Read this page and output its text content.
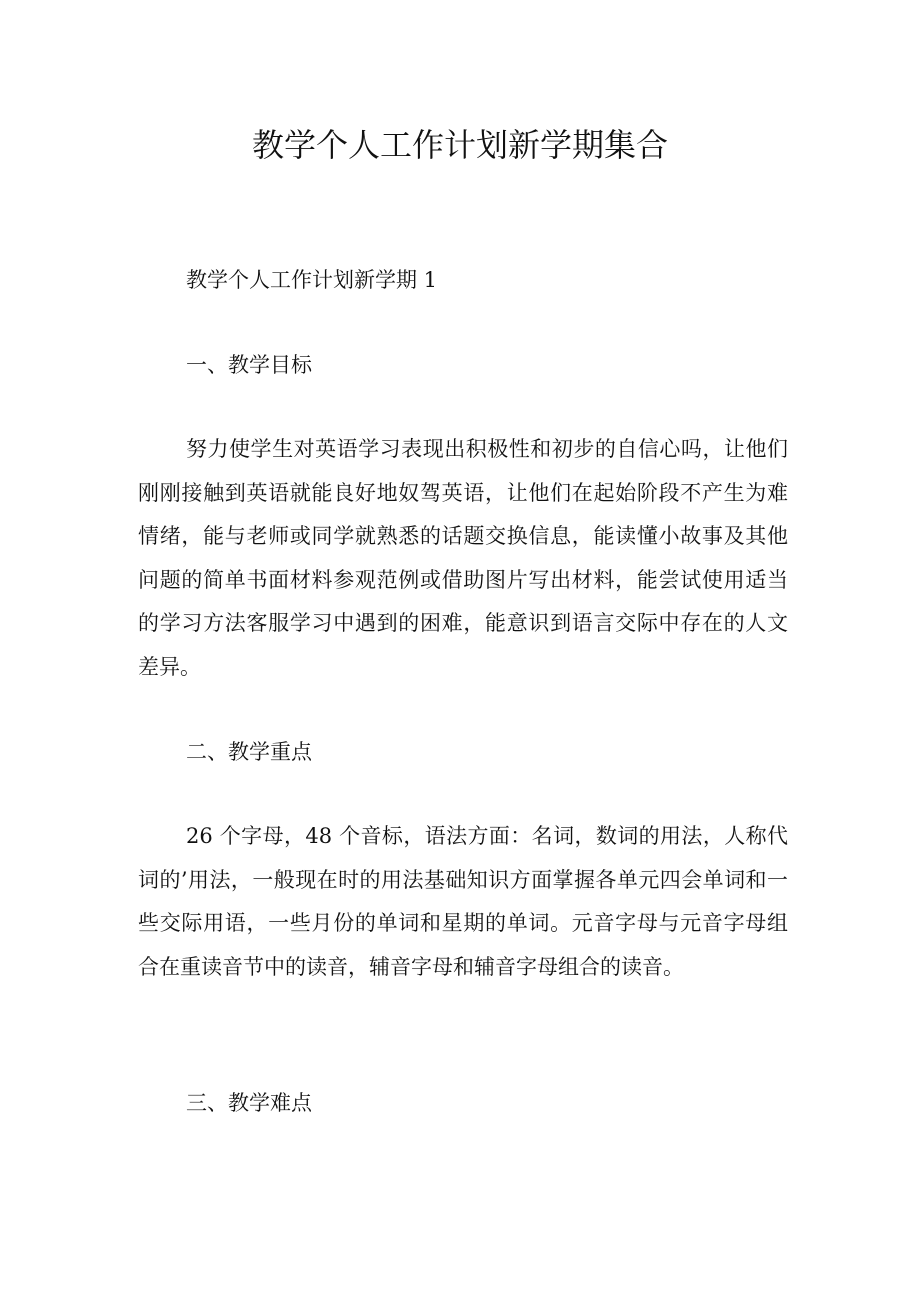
教学个人工作计划新学期集合

教学个人工作计划新学期 1

一、教学目标

努力使学生对英语学习表现出积极性和初步的自信心吗，让他们刚刚接触到英语就能良好地奴驾英语，让他们在起始阶段不产生为难情绪，能与老师或同学就熟悉的话题交换信息，能读懂小故事及其他问题的简单书面材料参观范例或借助图片写出材料，能尝试使用适当的学习方法客服学习中遇到的困难，能意识到语言交际中存在的人文差异。

二、教学重点

26 个字母，48 个音标，语法方面：名词，数词的用法，人称代词的’用法，一般现在时的用法基础知识方面掌握各单元四会单词和一些交际用语，一些月份的单词和星期的单词。元音字母与元音字母组合在重读音节中的读音，辅音字母和辅音字母组合的读音。

三、教学难点
